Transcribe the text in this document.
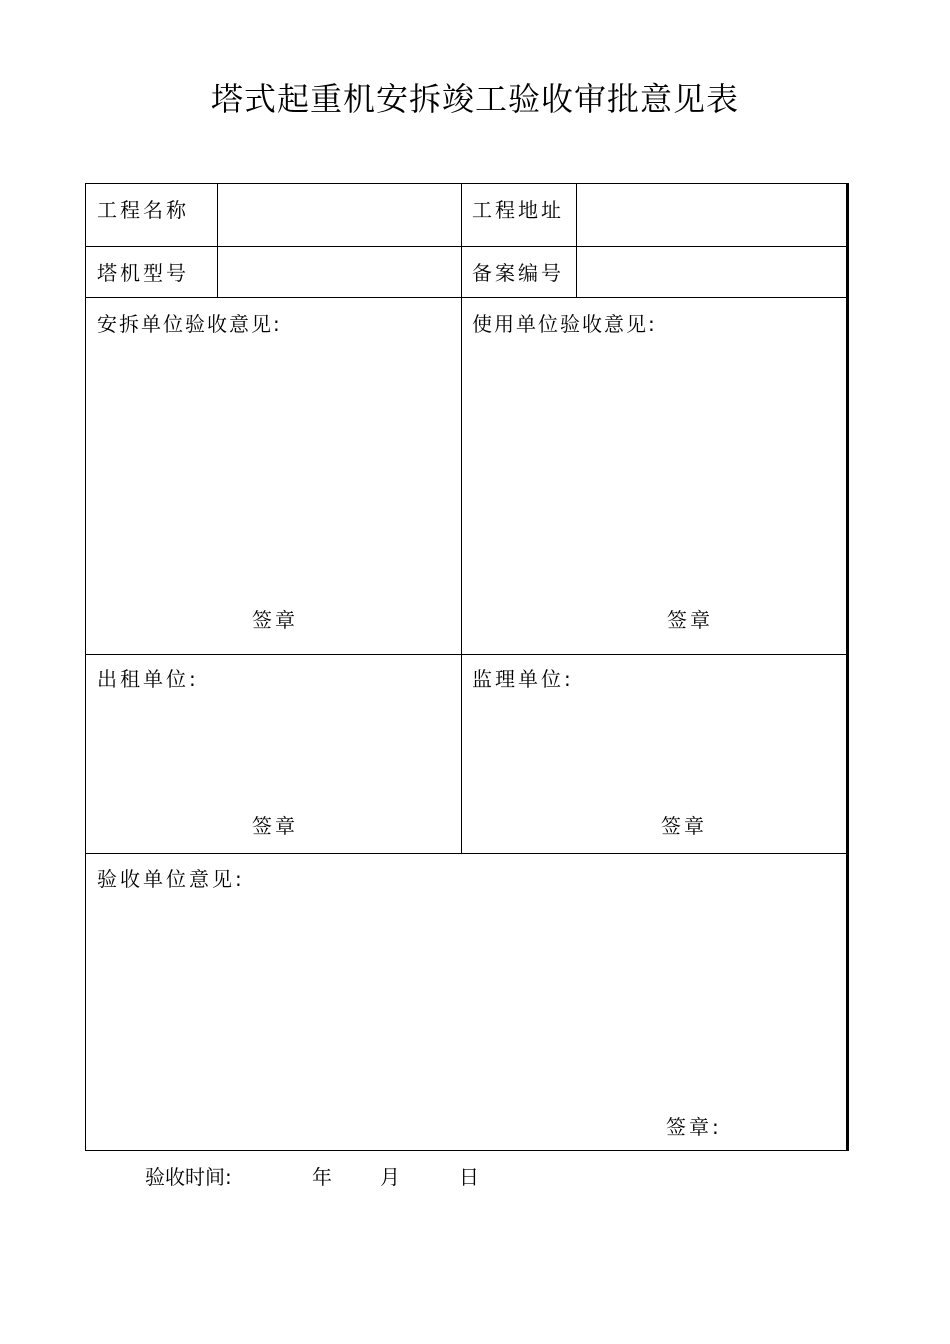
塔式起重机安拆竣工验收审批意见表
工程名称	工程地址
塔机型号	备案编号
安拆单位验收意见:
签章
使用单位验收意见:
签章
出租单位:
签章
监理单位:
签章
验收单位意见:
签章:
验收时间:	年 月	日
